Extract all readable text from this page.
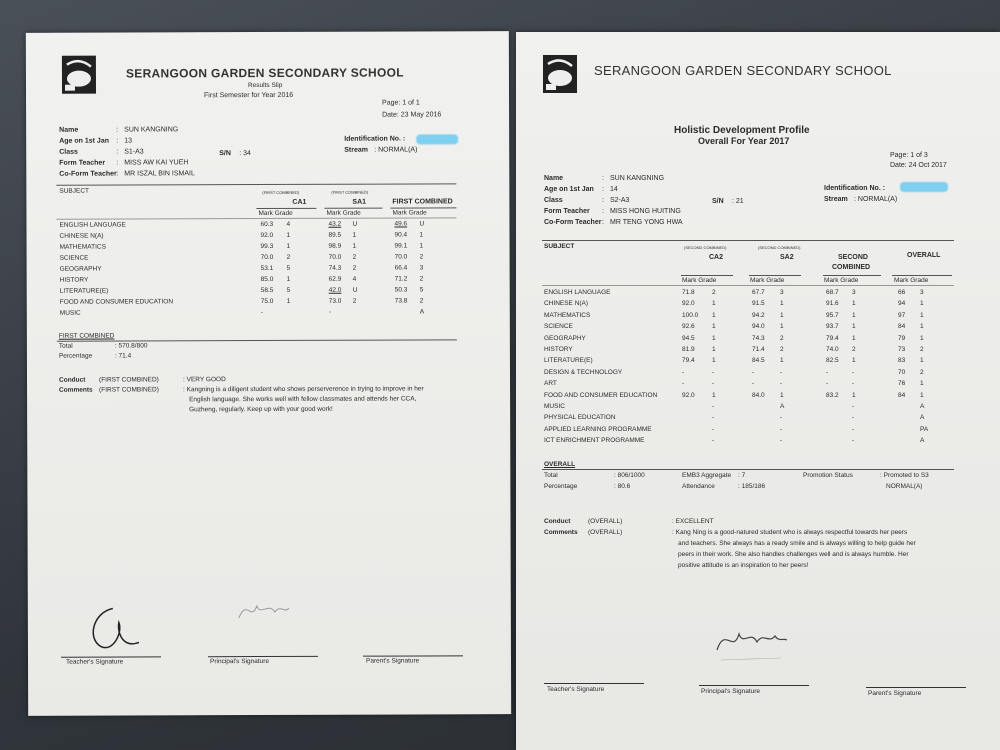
SERANGOON GARDEN SECONDARY SCHOOL
Results Slip
First Semester for Year 2016
Page: 1 of 1
Date: 23 May 2016
Name	: SUN KANGNING
Age on 1st Jan : 13
Class	: S1-A3
Form Teacher : MISS AW KAI YUEH
Co-Form Teacher : MR ISZAL BIN ISMAIL
S/N : 34
Identification No. :
Stream : NORMAL(A)
SUBJECT	(FIRST COMBINED)	(FIRST COMBINED)
CA1	SA1	FIRST COMBINED
Mark Grade	Mark Grade	Mark Grade
ENGLISH LANGUAGE	60.3 4	43.2 U	49.6 U
CHINESE N(A)	92.0 1	89.5 1	90.4 1
MATHEMATICS	99.3 1	98.9 1	99.1 1
SCIENCE	70.0 2	70.0 2	70.0 2
GEOGRAPHY	53.1 5	74.3 2	66.4 3
HISTORY	85.0 1	62.9 4	71.2 2
LITERATURE(E)	58.5 5	42.0 U	50.3 5
FOOD AND CONSUMER EDUCATION	75.0 1	73.0 2	73.8 2
MUSIC	-	-	A
FIRST COMBINED
Total	: 570.8/800
Percentage	: 71.4
Conduct (FIRST COMBINED)	: VERY GOOD
Comments (FIRST COMBINED)	: Kangning is a diligent student who shows perserverence in trying to improve in her
English language. She works well with fellow classmates and attends her CCA,
Guzheng, regularly. Keep up with your good work!
Teacher's Signature	Principal's Signature	Parent's Signature
SERANGOON GARDEN SECONDARY SCHOOL
Holistic Development Profile
Overall For Year 2017
Page: 1 of 3
Date: 24 Oct 2017
Name	: SUN KANGNING
Age on 1st Jan : 14
Class	: S2-A3
Form Teacher : MISS HONG HUITING
Co-Form Teacher : MR TENG YONG HWA
S/N : 21
Identification No. :
Stream : NORMAL(A)
SUBJECT	(SECOND COMBINED)	(SECOND COMBINED)
CA2	SA2	SECOND
COMBINED
OVERALL
Mark Grade	Mark Grade	Mark Grade	Mark Grade
ENGLISH LANGUAGE	71.8	2	67.7 3	68.7 3	66 3
CHINESE N(A)	92.0	1	91.5 1	91.6 1	94 1
MATHEMATICS	100.0 1	94.2 1	95.7 1	97 1
SCIENCE	92.6	1	94.0 1	93.7 1	84 1
GEOGRAPHY	94.5	1	74.3 2	79.4 1	79 1
HISTORY	81.9	1	71.4 2	74.0 2	73 2
LITERATURE(E)	79.4	1	84.5 1	82.5 1	83 1
DESIGN & TECHNOLOGY	-	-	-	-	-	-	70 2
ART	-	-	-	-	-	-	76 1
FOOD AND CONSUMER EDUCATION	92.0	1	84.0 1	83.2 1	84 1
MUSIC	-	A	-	A
PHYSICAL EDUCATION	-	-	-	A
APPLIED LEARNING PROGRAMME	-	-	-	PA
ICT ENRICHMENT PROGRAMME	-	-	-	A
OVERALL
Total	: 806/1000
Percentage	: 80.6
EMB3 Aggregate : 7
Attendance	: 185/186
Promotion Status	: Promoted to S3
NORMAL(A)
Conduct	(OVERALL)	: EXCELLENT
Comments (OVERALL)	: Kang Ning is a good-natured student who is always respectful towards her peers
and teachers. She always has a ready smile and is always willing to help guide her
peers in their work. She also handles challenges well and is always humble. Her
positive attitude is an inspiration to her peers!
Teacher's Signature	Principal's Signature	Parent's Signature
